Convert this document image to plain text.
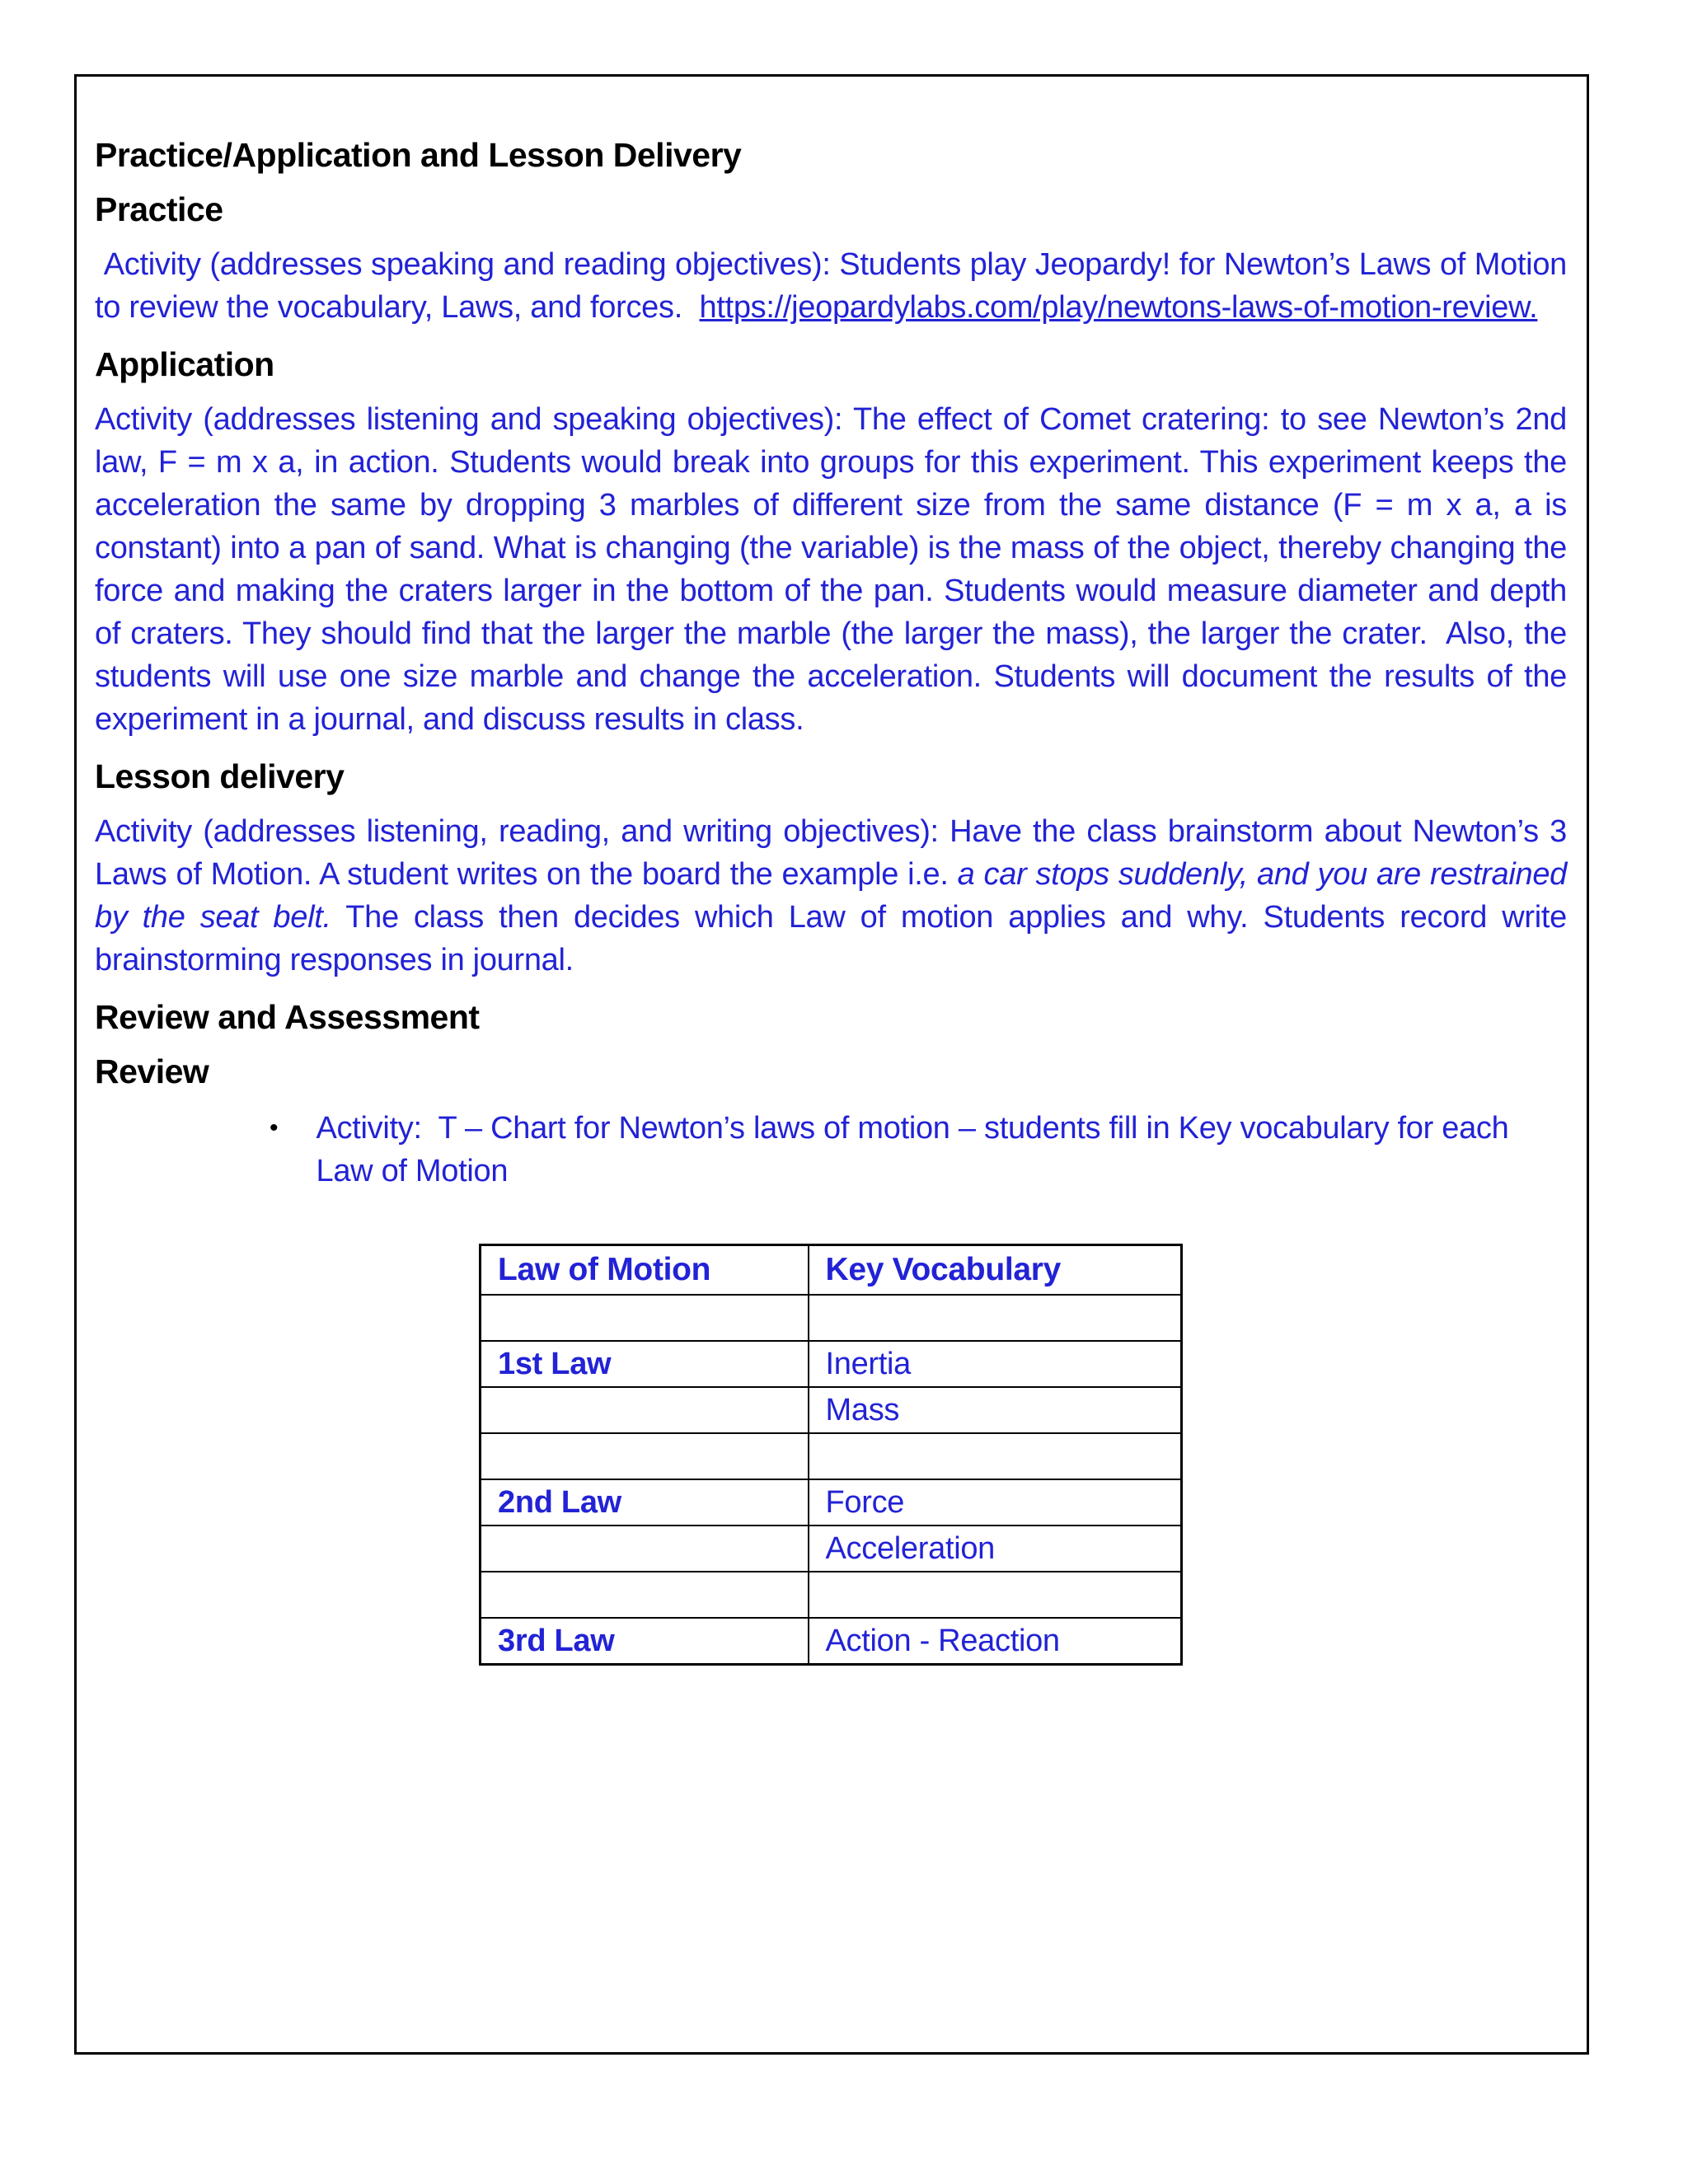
Practice/Application and Lesson Delivery
Practice

Activity (addresses speaking and reading objectives): Students play Jeopardy! for Newton’s Laws of Motion to review the vocabulary, Laws, and forces.  https://jeopardylabs.com/play/newtons-laws-of-motion-review.

Application

Activity (addresses listening and speaking objectives): The effect of Comet cratering: to see Newton’s 2nd law, F = m x a, in action. Students would break into groups for this experiment. This experiment keeps the acceleration the same by dropping 3 marbles of different size from the same distance (F = m x a, a is constant) into a pan of sand. What is changing (the variable) is the mass of the object, thereby changing the force and making the craters larger in the bottom of the pan. Students would measure diameter and depth of craters. They should find that the larger the marble (the larger the mass), the larger the crater.  Also, the students will use one size marble and change the acceleration. Students will document the results of the experiment in a journal, and discuss results in class.

Lesson delivery

Activity (addresses listening, reading, and writing objectives): Have the class brainstorm about Newton’s 3 Laws of Motion. A student writes on the board the example i.e. a car stops suddenly, and you are restrained by the seat belt. The class then decides which Law of motion applies and why. Students record write brainstorming responses in journal.

Review and Assessment
Review
• Activity:  T – Chart for Newton’s laws of motion – students fill in Key vocabulary for each Law of Motion
Law of Motion	Key Vocabulary

1st Law	Inertia
	Mass

2nd Law	Force
	Acceleration

3rd Law	Action - Reaction
